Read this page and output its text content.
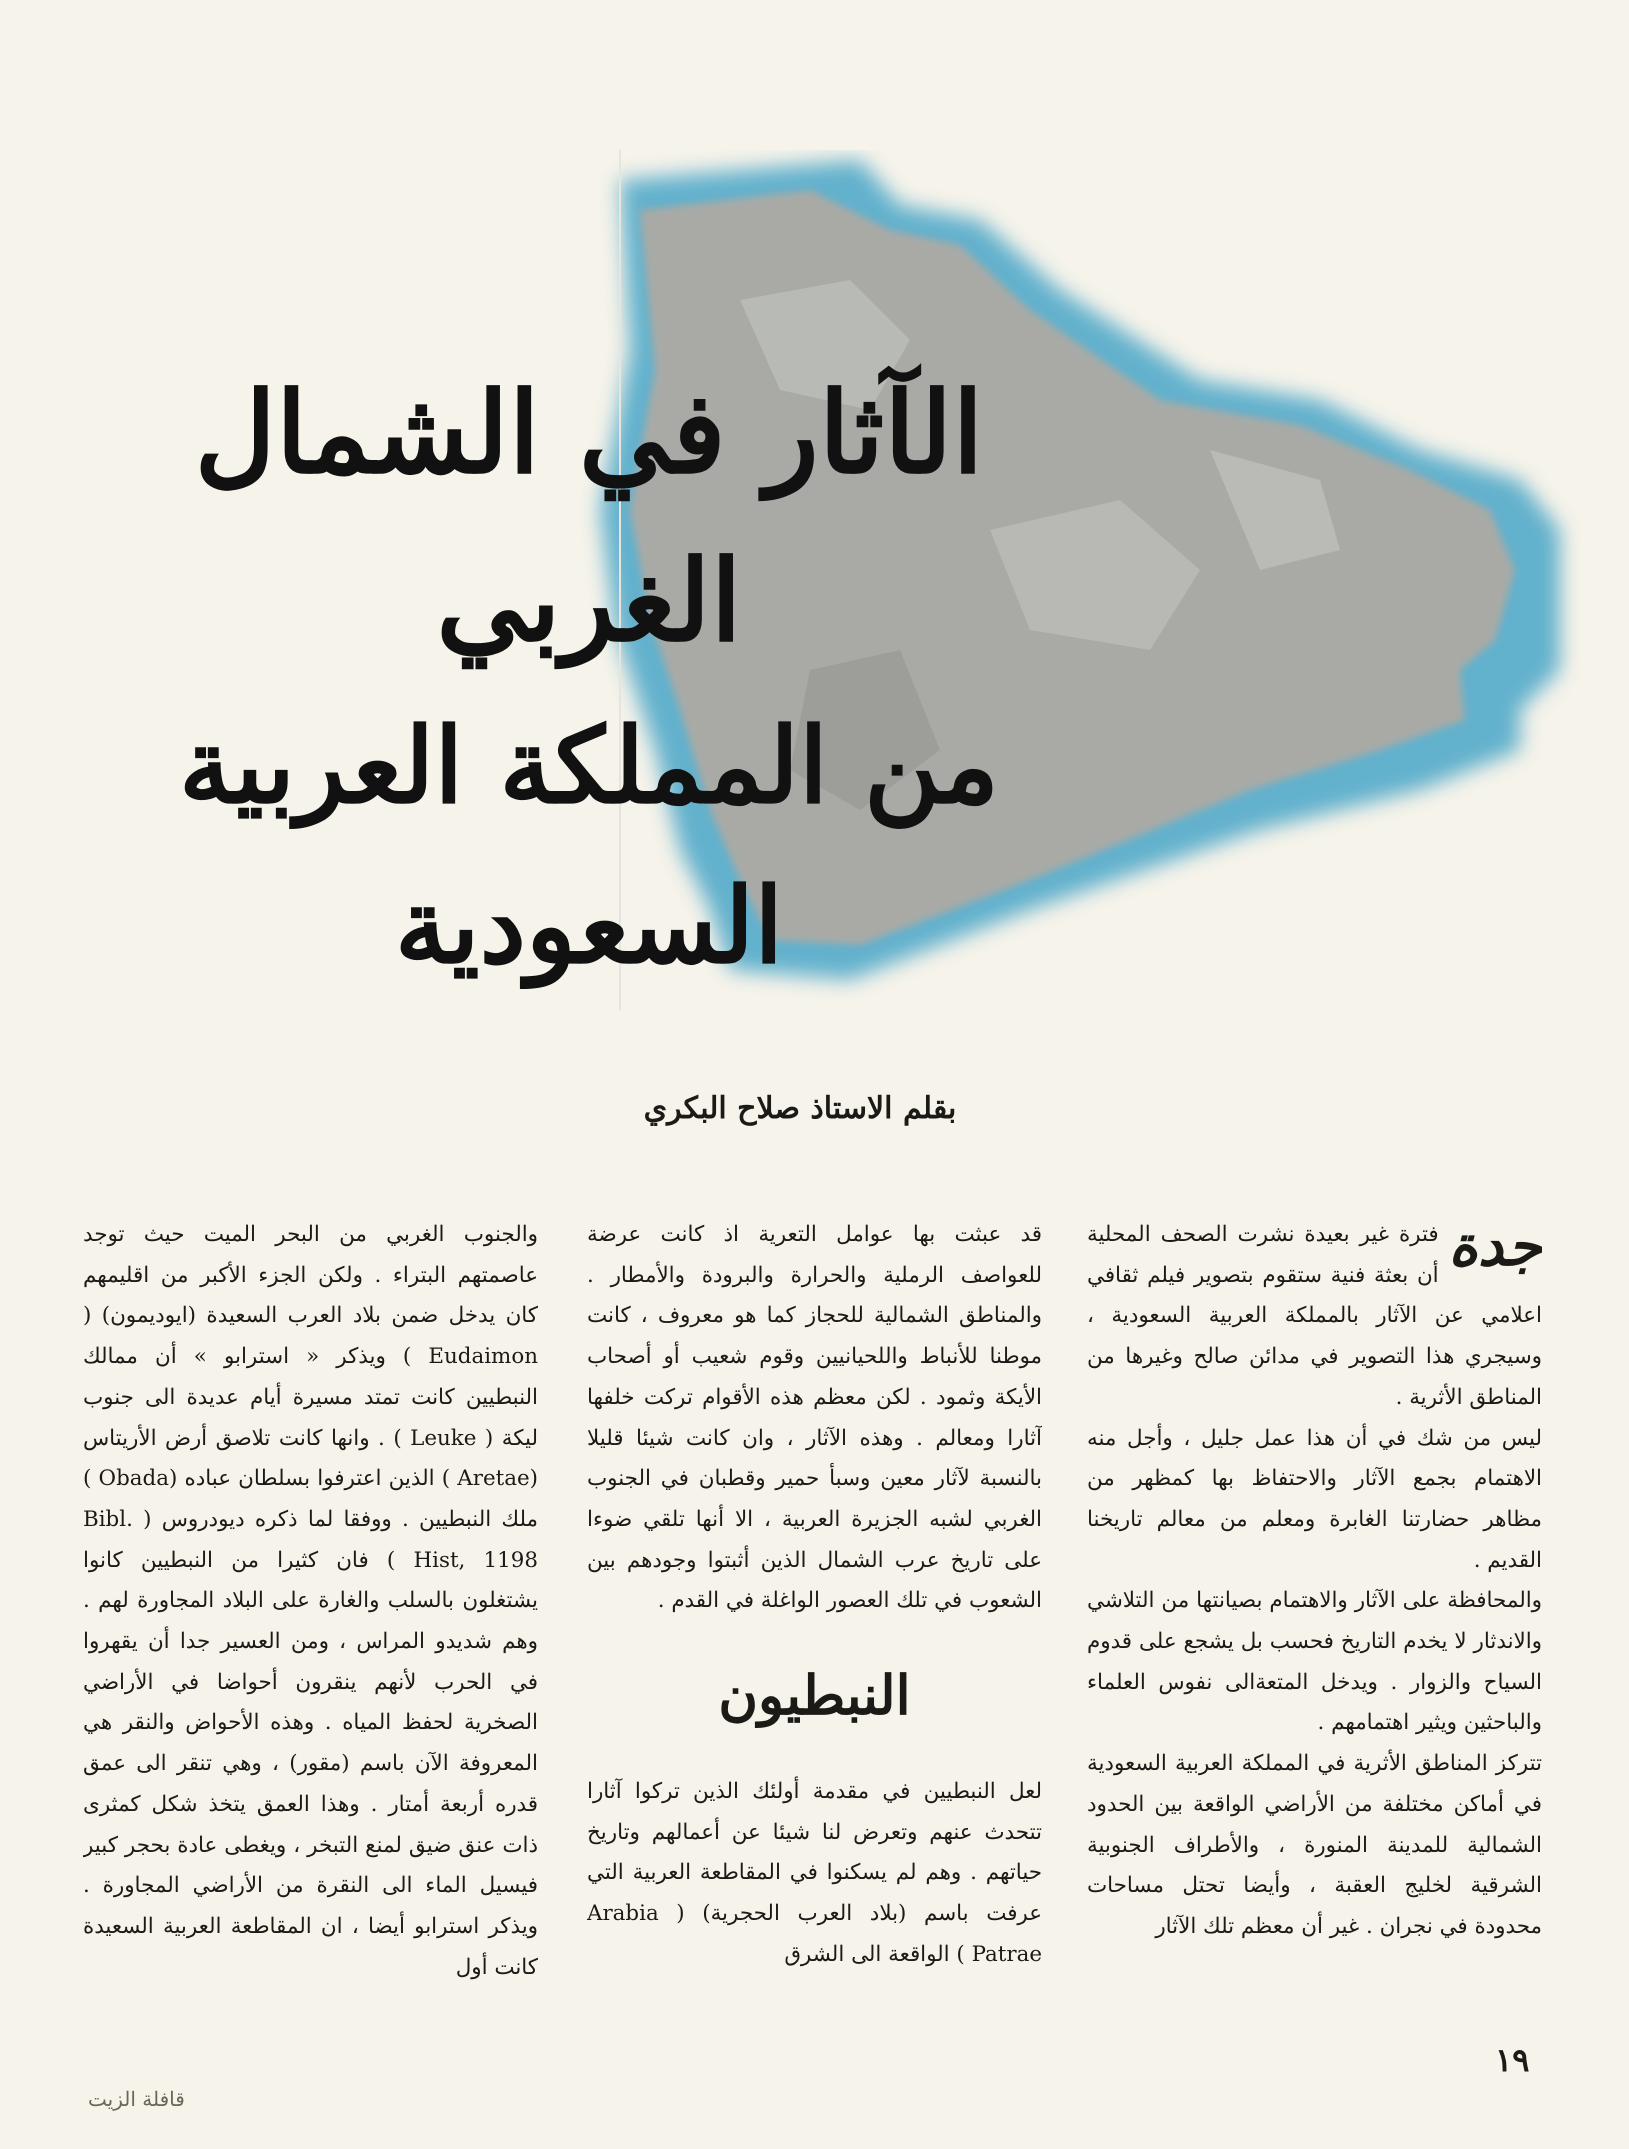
الآثار في الشمال الغربي
من المملكة العربية السعودية
بقلم الاستاذ صلاح البكري

جدة
فترة غير بعيدة نشرت الصحف المحلية أن بعثة فنية ستقوم بتصوير فيلم ثقافي اعلامي عن الآثار بالمملكة العربية السعودية ، وسيجري هذا التصوير في مدائن صالح وغيرها من المناطق الأثرية .

ليس من شك في أن هذا عمل جليل ، وأجل منه الاهتمام بجمع الآثار والاحتفاظ بها كمظهر من مظاهر حضارتنا الغابرة ومعلم من معالم تاريخنا القديم .

والمحافظة على الآثار والاهتمام بصيانتها من التلاشي والاندثار لا يخدم التاريخ فحسب بل يشجع على قدوم السياح والزوار . ويدخل المتعةالى نفوس العلماء والباحثين ويثير اهتمامهم .

تتركز المناطق الأثرية في المملكة العربية السعودية في أماكن مختلفة من الأراضي الواقعة بين الحدود الشمالية للمدينة المنورة ، والأطراف الجنوبية الشرقية لخليج العقبة ، وأيضا تحتل مساحات محدودة في نجران . غير أن معظم تلك الآثار

قد عبثت بها عوامل التعرية اذ كانت عرضة للعواصف الرملية والحرارة والبرودة والأمطار . والمناطق الشمالية للحجاز كما هو معروف ، كانت موطنا للأنباط واللحيانيين وقوم شعيب أو أصحاب الأيكة وثمود . لكن معظم هذه الأقوام تركت خلفها آثارا ومعالم . وهذه الآثار ، وان كانت شيئا قليلا بالنسبة لآثار معين وسبأ حمير وقطبان في الجنوب الغربي لشبه الجزيرة العربية ، الا أنها تلقي ضوءا على تاريخ عرب الشمال الذين أثبتوا وجودهم بين الشعوب في تلك العصور الواغلة في القدم .

النبطيون

لعل النبطيين في مقدمة أولئك الذين تركوا آثارا تتحدث عنهم وتعرض لنا شيئا عن أعمالهم وتاريخ حياتهم . وهم لم يسكنوا في المقاطعة العربية التي عرفت باسم (بلاد العرب الحجرية) ( Arabia Patrae ) الواقعة الى الشرق

والجنوب الغربي من البحر الميت حيث توجد عاصمتهم البتراء . ولكن الجزء الأكبر من اقليمهم كان يدخل ضمن بلاد العرب السعيدة (ايوديمون) ( Eudaimon ) ويذكر « استرابو » أن ممالك النبطيين كانت تمتد مسيرة أيام عديدة الى جنوب ليكة ( Leuke ) . وانها كانت تلاصق أرض الأريتاس (Aretae ) الذين اعترفوا بسلطان عباده (Obada ) ملك النبطيين . ووفقا لما ذكره ديودروس ( Bibl. Hist, 1198 ) فان كثيرا من النبطيين كانوا يشتغلون بالسلب والغارة على البلاد المجاورة لهم . وهم شديدو المراس ، ومن العسير جدا أن يقهروا في الحرب لأنهم ينقرون أحواضا في الأراضي الصخرية لحفظ المياه . وهذه الأحواض والنقر هي المعروفة الآن باسم (مقور) ، وهي تنقر الى عمق قدره أربعة أمتار . وهذا العمق يتخذ شكل كمثرى ذات عنق ضيق لمنع التبخر ، ويغطى عادة بحجر كبير فيسيل الماء الى النقرة من الأراضي المجاورة . ويذكر استرابو أيضا ، ان المقاطعة العربية السعيدة كانت أول

١٩
قافلة الزيت
